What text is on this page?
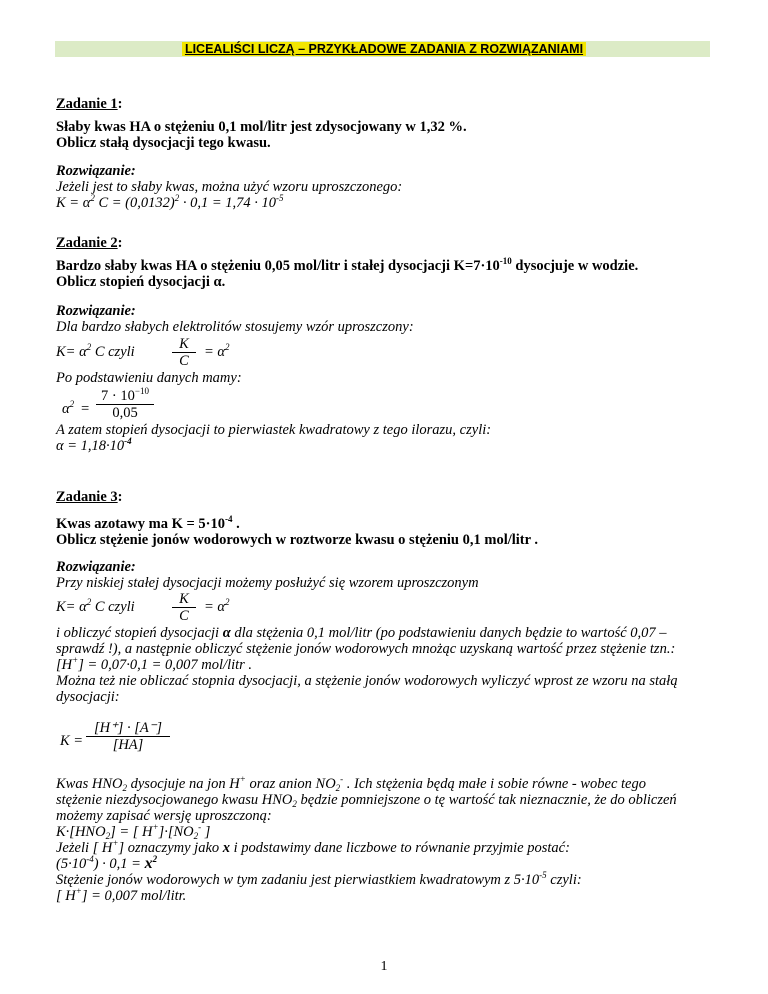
LICEALIŚCI LICZĄ – PRZYKŁADOWE ZADANIA Z ROZWIĄZANIAMI
Zadanie 1:
Słaby kwas HA o stężeniu 0,1 mol/litr jest zdysocjowany w 1,32 %.
Oblicz stałą dysocjacji tego kwasu.
Rozwiązanie:
Jeżeli jest to słaby kwas, można użyć wzoru uproszczonego:
$K = \alpha^2$ $C = (0,0132)^2 \cdot 0,1 = 1,74 \cdot 10^{-5}$
Zadanie 2:
Bardzo słaby kwas HA o stężeniu 0,05 mol/litr i stałej dysocjacji $K=7\cdot 10^{-10}$ dysocjuje w wodzie.
Oblicz stopień dysocjacji α.
Rozwiązanie:
Dla bardzo słabych elektrolitów stosujemy wzór uproszczony:
$K= \alpha^2$ C czyli	K
C
= $\alpha^2$
Po podstawieniu danych mamy:
$\alpha^2$ =
$7 \cdot 10^{-10}$
0,05
A zatem stopień dysocjacji to pierwiastek kwadratowy z tego ilorazu, czyli:
$\alpha = 1,18\cdot 10^{-4}$
Zadanie 3:
Kwas azotawy ma $K = 5\cdot 10^{-4}$ .
Oblicz stężenie jonów wodorowych w roztworze kwasu o stężeniu 0,1 mol/litr .
Rozwiązanie:
Przy niskiej stałej dysocjacji możemy posłużyć się wzorem uproszczonym
$K= \alpha^2$ C czyli	K
C
= $\alpha^2$
i obliczyć stopień dysocjacji α dla stężenia 0,1 mol/litr (po podstawieniu danych będzie to wartość 0,07 –
sprawdź !), a następnie obliczyć stężenie jonów wodorowych mnożąc uzyskaną wartość przez stężenie tzn.:
[H+] = 0,07·0,1 = 0,007 mol/litr .
Można też nie obliczać stopnia dysocjacji, a stężenie jonów wodorowych wyliczyć wprost ze wzoru na stałą
dysocjacji:
K =
[H⁺] · [A⁻]
[HA]
Kwas $HNO_2$ dysocjuje na jon H+ oraz anion $NO_2^-$ . Ich stężenia będą małe i sobie równe - wobec tego
stężenie niezdysocjowanego kwasu $HNO_2$ będzie pomniejszone o tę wartość tak nieznacznie, że do obliczeń
możemy zapisać wersję uproszczoną:
$K\cdot[HNO_2]$ = [ $H^+]\cdot[NO_2^-$ ]
Jeżeli [ H+] oznaczymy jako x i podstawimy dane liczbowe to równanie przyjmie postać:
$(5\cdot 10^{-4}) \cdot 0,1 = x^2$
Stężenie jonów wodorowych w tym zadaniu jest pierwiastkiem kwadratowym z $5\cdot 10^{-5}$ czyli:
[ H+] = 0,007 mol/litr.
1
